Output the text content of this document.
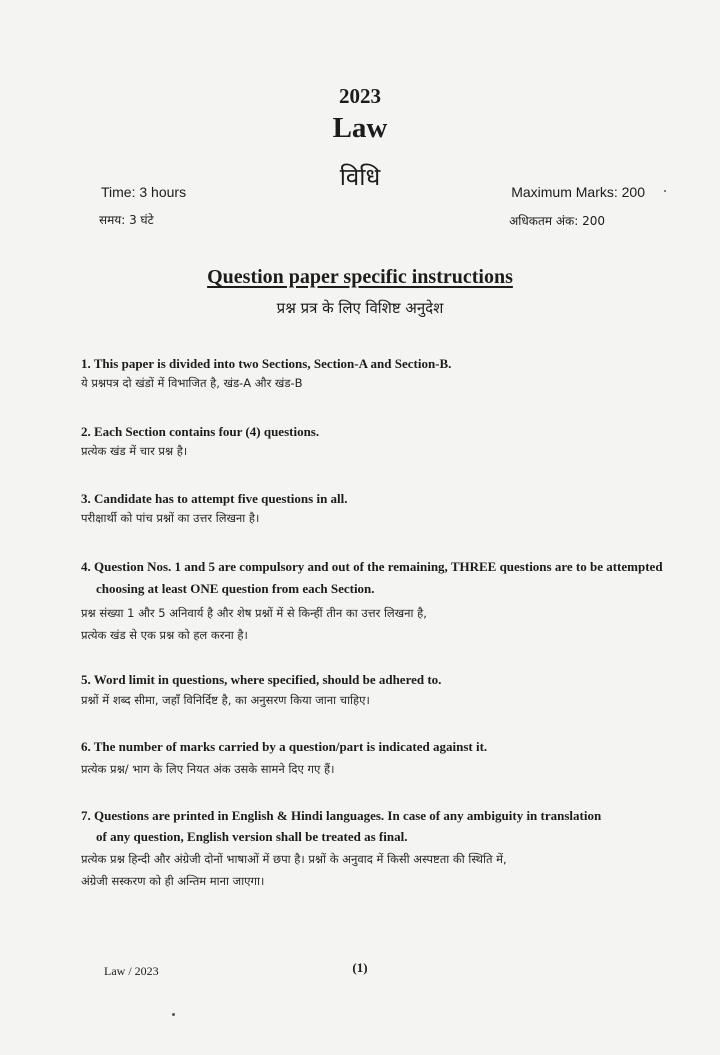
2023
Law
विधि
Time: 3 hours
समय: 3 घंटे
Maximum Marks: 200
अधिकतम अंक: 200
Question paper specific instructions
प्रश्न प्रत्र के लिए विशिष्ट अनुदेश
1. This paper is divided into two Sections, Section-A and Section-B.
ये प्रश्नपत्र दो खंडों में विभाजित है, खंड-A और खंड-B
2. Each Section contains four (4) questions.
प्रत्येक खंड में चार प्रश्न है।
3. Candidate has to attempt five questions in all.
परीक्षार्थी को पांच प्रश्नों का उत्तर लिखना है।
4. Question Nos. 1 and 5 are compulsory and out of the remaining, THREE questions are to be attempted
choosing at least ONE question from each Section.
प्रश्न संख्या 1 और 5 अनिवार्य है और शेष प्रश्नों में से किन्हीं तीन का उत्तर लिखना है,
प्रत्येक खंड से एक प्रश्न को हल करना है।
5. Word limit in questions, where specified, should be adhered to.
प्रश्नों में शब्द सीमा, जहाँ विनिर्दिष्ट है, का अनुसरण किया जाना चाहिए।
6. The number of marks carried by a question/part is indicated against it.
प्रत्येक प्रश्न/ भाग के लिए नियत अंक उसके सामने दिए गए हैं।
7. Questions are printed in English & Hindi languages. In case of any ambiguity in translation
of any question, English version shall be treated as final.
प्रत्येक प्रश्न हिन्दी और अंग्रेजी दोनों भाषाओं में छपा है। प्रश्नों के अनुवाद में किसी अस्पष्टता की स्थिति में,
अंग्रेजी सस्करण को ही अन्तिम माना जाएगा।
Law / 2023	(1)
